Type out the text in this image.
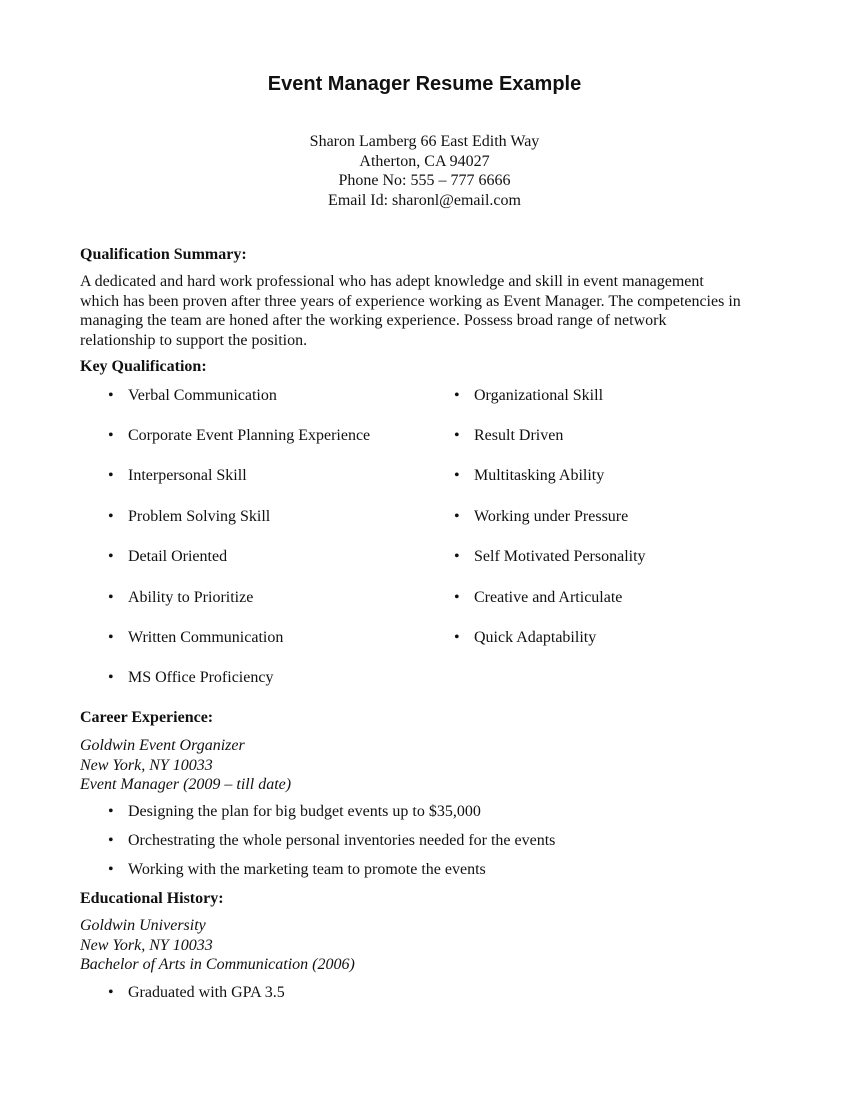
Event Manager Resume Example
Sharon Lamberg 66 East Edith Way
Atherton, CA 94027
Phone No: 555 – 777 6666
Email Id: sharonl@email.com
Qualification Summary:
A dedicated and hard work professional who has adept knowledge and skill in event management
which has been proven after three years of experience working as Event Manager. The competencies in
managing the team are honed after the working experience. Possess broad range of network
relationship to support the position.
Key Qualification:
• Verbal Communication
• Corporate Event Planning Experience
• Interpersonal Skill
• Problem Solving Skill
• Detail Oriented
• Ability to Prioritize
• Written Communication
• MS Office Proficiency
• Organizational Skill
• Result Driven
• Multitasking Ability
• Working under Pressure
• Self Motivated Personality
• Creative and Articulate
• Quick Adaptability
Career Experience:
Goldwin Event Organizer
New York, NY 10033
Event Manager (2009 – till date)
• Designing the plan for big budget events up to $35,000
• Orchestrating the whole personal inventories needed for the events
• Working with the marketing team to promote the events
Educational History:
Goldwin University
New York, NY 10033
Bachelor of Arts in Communication (2006)
• Graduated with GPA 3.5
